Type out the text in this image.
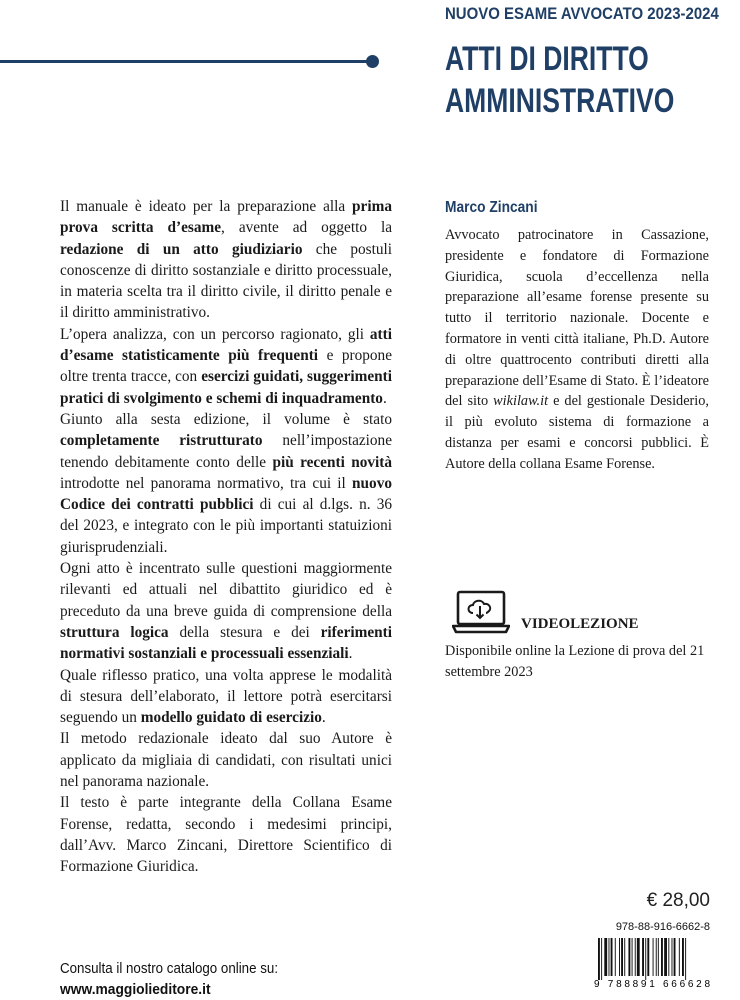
NUOVO ESAME AVVOCATO 2023-2024
ATTI DI DIRITTO
AMMINISTRATIVO

Il manuale è ideato per la preparazione alla prima prova scritta d’esame, avente ad oggetto la redazione di un atto giudiziario che postuli conoscenze di diritto sostanziale e diritto processuale, in materia scelta tra il diritto civile, il diritto penale e il diritto amministrativo.

L’opera analizza, con un percorso ragionato, gli atti d’esame statisticamente più frequenti e propone oltre trenta tracce, con esercizi guidati, suggerimenti pratici di svolgimento e schemi di inquadramento.

Giunto alla sesta edizione, il volume è stato completamente ristrutturato nell’impostazione tenendo debitamente conto delle più recenti novità introdotte nel panorama normativo, tra cui il nuovo Codice dei contratti pubblici di cui al d.lgs. n. 36 del 2023, e integrato con le più importanti statuizioni giurisprudenziali.

Ogni atto è incentrato sulle questioni maggiormente rilevanti ed attuali nel dibattito giuridico ed è preceduto da una breve guida di comprensione della struttura logica della stesura e dei riferimenti normativi sostanziali e processuali essenziali.

Quale riflesso pratico, una volta apprese le modalità di stesura dell’elaborato, il lettore potrà esercitarsi seguendo un modello guidato di esercizio.

Il metodo redazionale ideato dal suo Autore è applicato da migliaia di candidati, con risultati unici nel panorama nazionale.

Il testo è parte integrante della Collana Esame Forense, redatta, secondo i medesimi principi, dall’Avv. Marco Zincani, Direttore Scientifico di Formazione Giuridica.

Marco Zincani
Avvocato patrocinatore in Cassazione, presidente e fondatore di Formazione Giuridica, scuola d’eccellenza nella preparazione all’esame forense presente su tutto il territorio nazionale. Docente e formatore in venti città italiane, Ph.D. Autore di oltre quattrocento contributi diretti alla preparazione dell’Esame di Stato. È l’ideatore del sito wikilaw.it e del gestionale Desiderio, il più evoluto sistema di formazione a distanza per esami e concorsi pubblici. È Autore della collana Esame Forense.
VIDEOLEZIONE
Disponibile online la Lezione di prova del 21 settembre 2023
€ 28,00
978-88-916-6662-8
9 788891 666628
Consulta il nostro catalogo online su:
www.maggiolieditore.it
